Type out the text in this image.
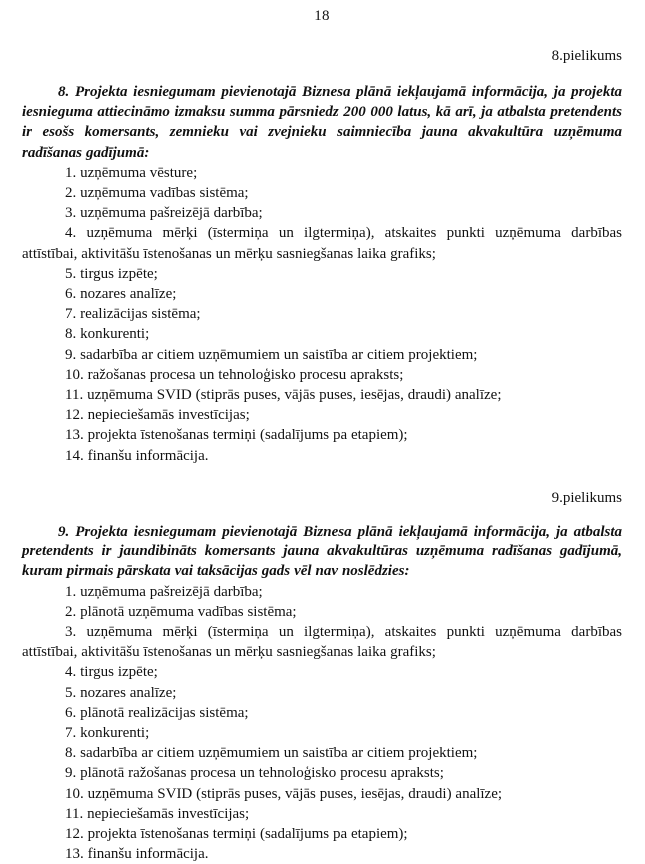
18
8.pielikums

8. Projekta iesniegumam pievienotajā Biznesa plānā iekļaujamā informācija, ja projekta iesnieguma attiecināmo izmaksu summa pārsniedz 200 000 latus, kā arī, ja atbalsta pretendents ir esošs komersants, zemnieku vai zvejnieku saimniecība jauna akvakultūra uzņēmuma radīšanas gadījumā:

1. uzņēmuma vēsture;
2. uzņēmuma vadības sistēma;
3. uzņēmuma pašreizējā darbība;
4. uzņēmuma mērķi (īstermiņa un ilgtermiņa), atskaites punkti uzņēmuma darbības attīstībai, aktivitāšu īstenošanas un mērķu sasniegšanas laika grafiks;
5. tirgus izpēte;
6. nozares analīze;
7. realizācijas sistēma;
8. konkurenti;
9. sadarbība ar citiem uzņēmumiem un saistība ar citiem projektiem;
10. ražošanas procesa un tehnoloģisko procesu apraksts;
11. uzņēmuma SVID (stiprās puses, vājās puses, iesējas, draudi) analīze;
12. nepieciešamās investīcijas;
13. projekta īstenošanas termiņi (sadalījums pa etapiem);
14. finanšu informācija.
9.pielikums

9. Projekta iesniegumam pievienotajā Biznesa plānā iekļaujamā informācija, ja atbalsta pretendents ir jaundibināts komersants jauna akvakultūras uzņēmuma radīšanas gadījumā, kuram pirmais pārskata vai taksācijas gads vēl nav noslēdzies:

1. uzņēmuma pašreizējā darbība;
2. plānotā uzņēmuma vadības sistēma;
3. uzņēmuma mērķi (īstermiņa un ilgtermiņa), atskaites punkti uzņēmuma darbības attīstībai, aktivitāšu īstenošanas un mērķu sasniegšanas laika grafiks;
4. tirgus izpēte;
5. nozares analīze;
6. plānotā realizācijas sistēma;
7. konkurenti;
8. sadarbība ar citiem uzņēmumiem un saistība ar citiem projektiem;
9. plānotā ražošanas procesa un tehnoloģisko procesu apraksts;
10. uzņēmuma SVID (stiprās puses, vājās puses, iesējas, draudi) analīze;
11. nepieciešamās investīcijas;
12. projekta īstenošanas termiņi (sadalījums pa etapiem);
13. finanšu informācija.
